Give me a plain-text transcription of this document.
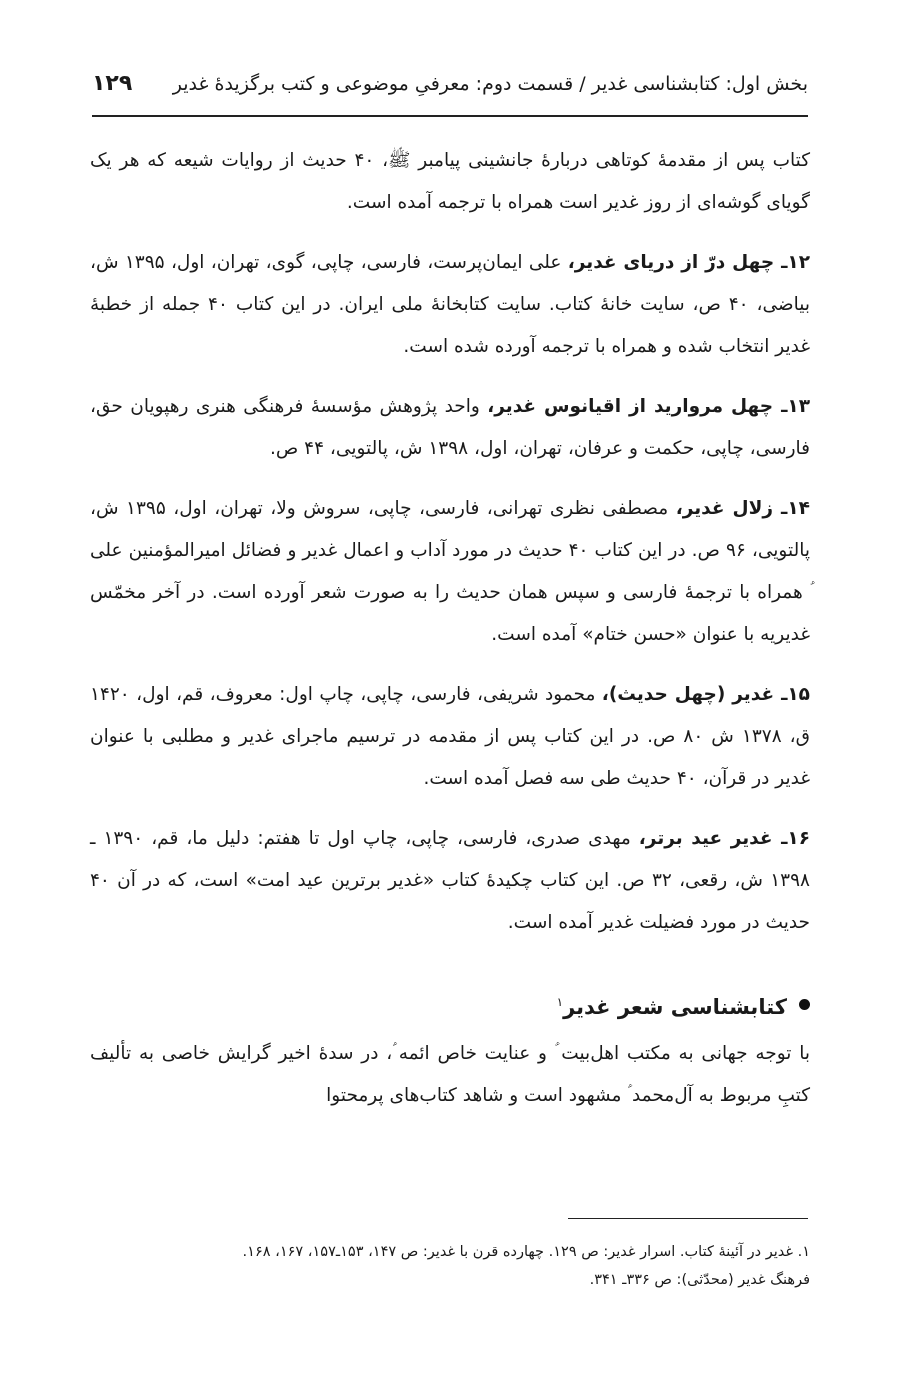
بخش اول: کتابشناسی غدیر / قسمت دوم: معرفیِ موضوعی و کتب برگزیدۀ غدیر
۱۲۹

کتاب پس از مقدمۀ کوتاهی دربارۀ جانشینی پیامبر ﷺ، ۴۰ حدیث از روایات شیعه که هر یک گویای گوشه‌ای از روز غدیر است همراه با ترجمه آمده است.

۱۲ـ چهل درّ از دریای غدیر، علی ایمان‌پرست، فارسی، چاپی، گوی، تهران، اول، ۱۳۹۵ ش، بیاضی، ۴۰ ص، سایت خانۀ کتاب. سایت کتابخانۀ ملی ایران. در این کتاب ۴۰ جمله از خطبۀ غدیر انتخاب شده و همراه با ترجمه آورده شده است.

۱۳ـ چهل مروارید از اقیانوس غدیر، واحد پژوهش مؤسسۀ فرهنگی هنری رهپویان حق، فارسی، چاپی، حکمت و عرفان، تهران، اول، ۱۳۹۸ ش، پالتویی، ۴۴ ص.

۱۴ـ زلال غدیر، مصطفی نظری تهرانی، فارسی، چاپی، سروش ولا، تهران، اول، ۱۳۹۵ ش، پالتویی، ۹۶ ص. در این کتاب ۴۰ حدیث در مورد آداب و اعمال غدیر و فضائل امیرالمؤمنین علی ؑ همراه با ترجمۀ فارسی و سپس همان حدیث را به صورت شعر آورده است. در آخر مخمّس غدیریه با عنوان «حسن ختام» آمده است.

۱۵ـ غدیر (چهل حدیث)، محمود شریفی، فارسی، چاپی، چاپ اول: معروف، قم، اول، ۱۴۲۰ ق، ۱۳۷۸ ش ۸۰ ص. در این کتاب پس از مقدمه در ترسیم ماجرای غدیر و مطلبی با عنوان غدیر در قرآن، ۴۰ حدیث طی سه فصل آمده است.

۱۶ـ غدیر عید برتر، مهدی صدری، فارسی، چاپی، چاپ اول تا هفتم: دلیل ما، قم، ۱۳۹۰ ـ ۱۳۹۸ ش، رقعی، ۳۲ ص. این کتاب چکیدۀ کتاب «غدیر برترین عید امت» است، که در آن ۴۰ حدیث در مورد فضیلت غدیر آمده است.

کتابشناسی شعر غدیر$^۱$

با توجه جهانی به مکتب اهل‌بیت ؑ و عنایت خاص ائمه ؑ، در سدۀ اخیر گرایش خاصی به تألیف کتبِ مربوط به آل‌محمد ؑ مشهود است و شاهد کتاب‌های پرمحتوا

۱. غدیر در آئینۀ کتاب. اسرار غدیر: ص ۱۲۹. چهارده قرن با غدیر: ص ۱۴۷، ۱۵۳ـ۱۵۷، ۱۶۷، ۱۶۸.

فرهنگ غدیر (محدّثی): ص ۳۳۶ـ ۳۴۱.
